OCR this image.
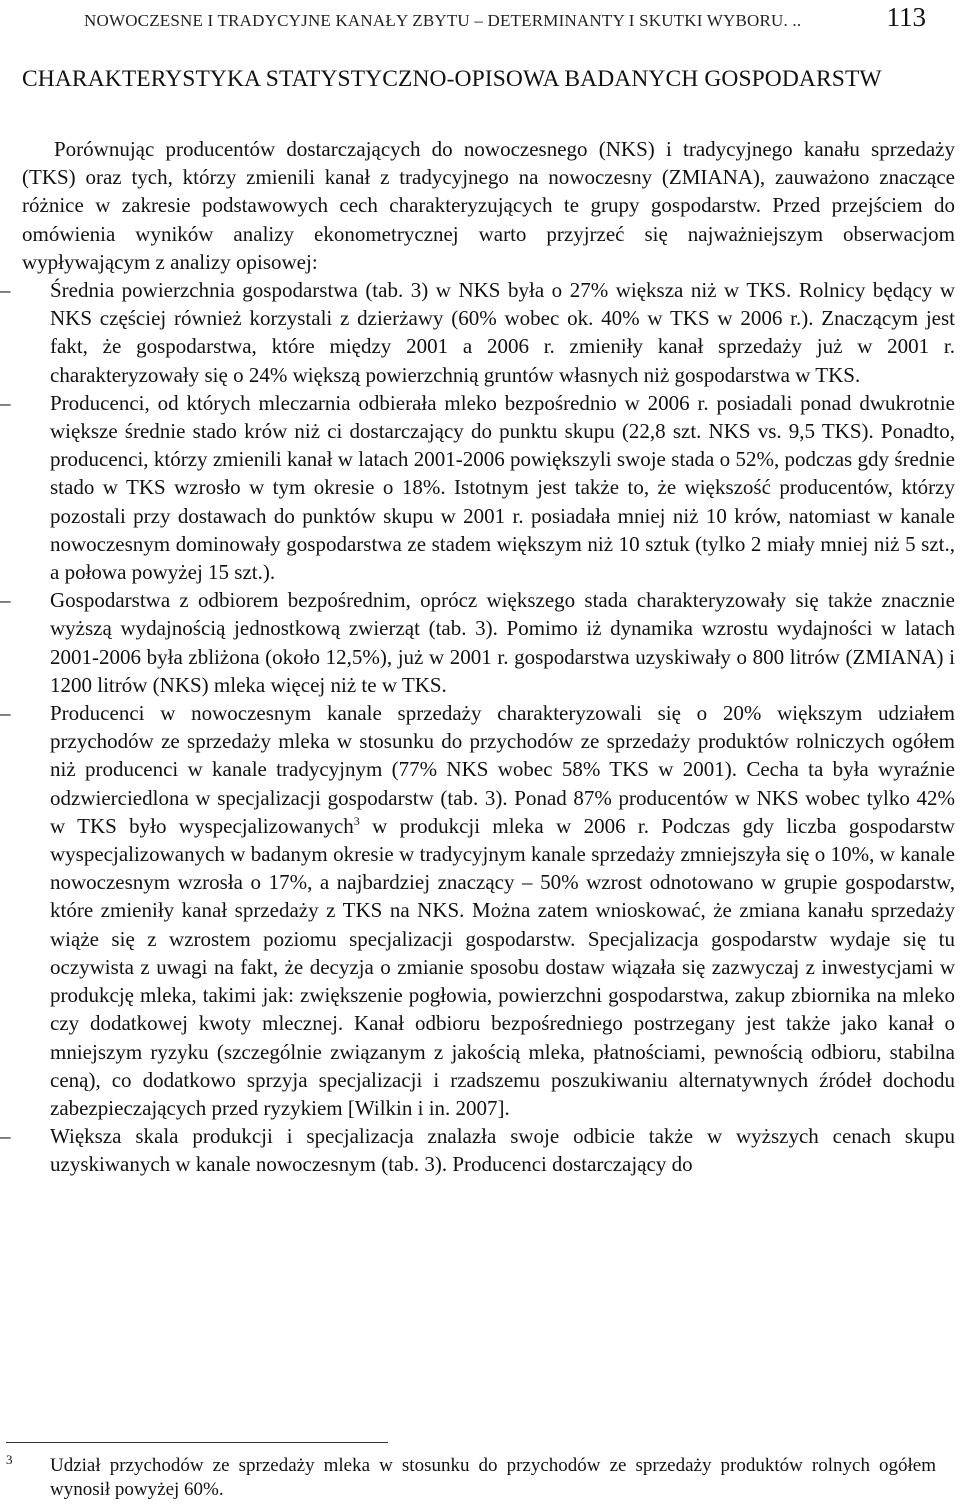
NOWOCZESNE I TRADYCYJNE KANAŁY ZBYTU – DETERMINANTY I SKUTKI WYBORU. ..	113
CHARAKTERYSTYKA STATYSTYCZNO-OPISOWA BADANYCH GOSPODARSTW

Porównując producentów dostarczających do nowoczesnego (NKS) i tradycyjnego kanału sprzedaży (TKS) oraz tych, którzy zmienili kanał z tradycyjnego na nowoczesny (ZMIANA), zauważono znaczące różnice w zakresie podstawowych cech charakteryzujących te grupy gospodarstw. Przed przejściem do omówienia wyników analizy ekonometrycznej warto przyjrzeć się najważniejszym obserwacjom wypływającym z analizy opisowej:

–	Średnia powierzchnia gospodarstwa (tab. 3) w NKS była o 27% większa niż w TKS. Rolnicy będący w NKS częściej również korzystali z dzierżawy (60% wobec ok. 40% w TKS w 2006 r.). Znaczącym jest fakt, że gospodarstwa, które między 2001 a 2006 r. zmieniły kanał sprzedaży już w 2001 r. charakteryzowały się o 24% większą powierzchnią gruntów własnych niż gospodarstwa w TKS.

–	Producenci, od których mleczarnia odbierała mleko bezpośrednio w 2006 r. posiadali ponad dwukrotnie większe średnie stado krów niż ci dostarczający do punktu skupu (22,8 szt. NKS vs. 9,5 TKS). Ponadto, producenci, którzy zmienili kanał w latach 2001-2006 powiększyli swoje stada o 52%, podczas gdy średnie stado w TKS wzrosło w tym okresie o 18%. Istotnym jest także to, że większość producentów, którzy pozostali przy dostawach do punktów skupu w 2001 r. posiadała mniej niż 10 krów, natomiast w kanale nowoczesnym dominowały gospodarstwa ze stadem większym niż 10 sztuk (tylko 2 miały mniej niż 5 szt., a połowa powyżej 15 szt.).

–	Gospodarstwa z odbiorem bezpośrednim, oprócz większego stada charakteryzowały się także znacznie wyższą wydajnością jednostkową zwierząt (tab. 3). Pomimo iż dynamika wzrostu wydajności w latach 2001-2006 była zbliżona (około 12,5%), już w 2001 r. gospodarstwa uzyskiwały o 800 litrów (ZMIANA) i 1200 litrów (NKS) mleka więcej niż te w TKS.

–	Producenci w nowoczesnym kanale sprzedaży charakteryzowali się o 20% większym udziałem przychodów ze sprzedaży mleka w stosunku do przychodów ze sprzedaży produktów rolniczych ogółem niż producenci w kanale tradycyjnym (77% NKS wobec 58% TKS w 2001). Cecha ta była wyraźnie odzwierciedlona w specjalizacji gospodarstw (tab. 3). Ponad 87% producentów w NKS wobec tylko 42% w TKS było wyspecjalizowanych$^3$ w produkcji mleka w 2006 r. Podczas gdy liczba gospodarstw wyspecjalizowanych w badanym okresie w tradycyjnym kanale sprzedaży zmniejszyła się o 10%, w kanale nowoczesnym wzrosła o 17%, a najbardziej znaczący – 50% wzrost odnotowano w grupie gospodarstw, które zmieniły kanał sprzedaży z TKS na NKS. Można zatem wnioskować, że zmiana kanału sprzedaży wiąże się z wzrostem poziomu specjalizacji gospodarstw. Specjalizacja gospodarstw wydaje się tu oczywista z uwagi na fakt, że decyzja o zmianie sposobu dostaw wiązała się zazwyczaj z inwestycjami w produkcję mleka, takimi jak: zwiększenie pogłowia, powierzchni gospodarstwa, zakup zbiornika na mleko czy dodatkowej kwoty mlecznej. Kanał odbioru bezpośredniego postrzegany jest także jako kanał o mniejszym ryzyku (szczególnie związanym z jakością mleka, płatnościami, pewnością odbioru, stabilna ceną), co dodatkowo sprzyja specjalizacji i rzadszemu poszukiwaniu alternatywnych źródeł dochodu zabezpieczających przed ryzykiem [Wilkin i in. 2007].

–	Większa skala produkcji i specjalizacja znalazła swoje odbicie także w wyższych cenach skupu uzyskiwanych w kanale nowoczesnym (tab. 3). Producenci dostarczający do

3 Udział przychodów ze sprzedaży mleka w stosunku do przychodów ze sprzedaży produktów rolnych ogółem wynosił powyżej 60%.
